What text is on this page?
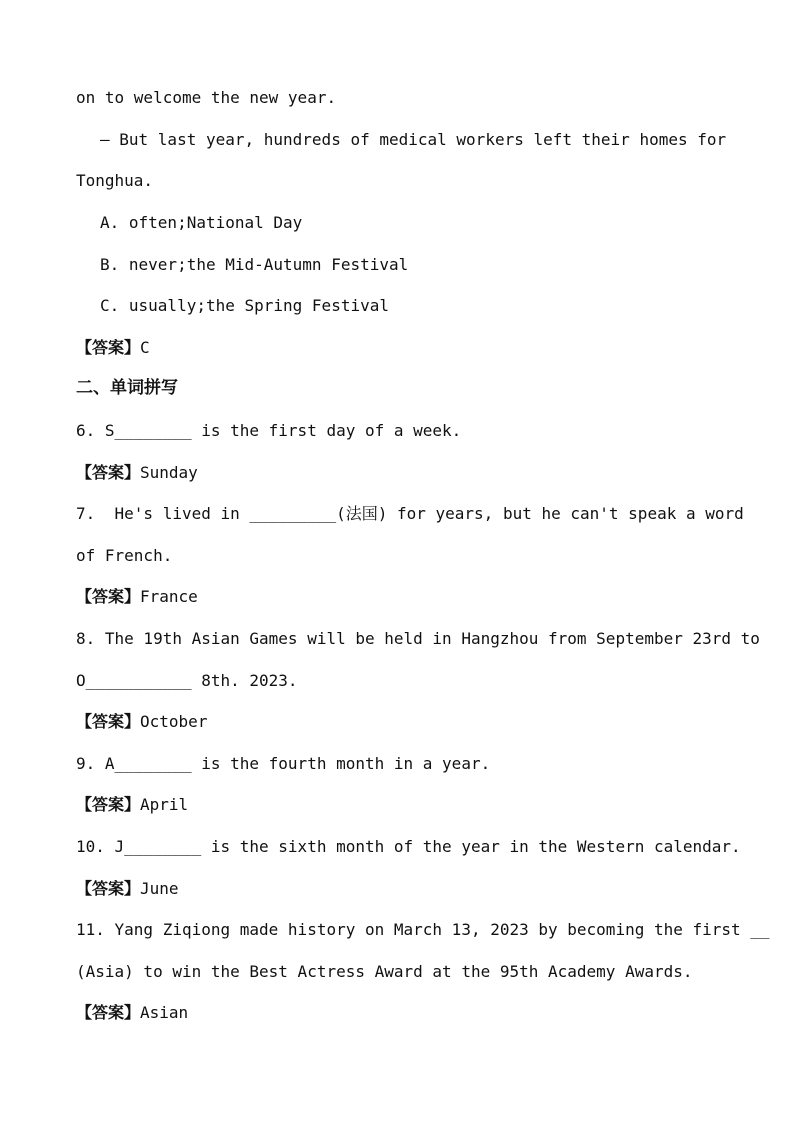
on to welcome the new year.
— But last year, hundreds of medical workers left their homes for
Tonghua.
A. often;National Day
B. never;the Mid-Autumn Festival
C. usually;the Spring Festival
【答案】C
二、单词拼写
6. S________ is the first day of a week.
【答案】Sunday
7.  He's lived in _________(法国) for years, but he can't speak a word
of French.
【答案】France
8. The 19th Asian Games will be held in Hangzhou from September 23rd to
O___________ 8th. 2023.
【答案】October
9. A________ is the fourth month in a year.
【答案】April
10. J________ is the sixth month of the year in the Western calendar.
【答案】June
11. Yang Ziqiong made history on March 13, 2023 by becoming the first __
(Asia) to win the Best Actress Award at the 95th Academy Awards.
【答案】Asian
